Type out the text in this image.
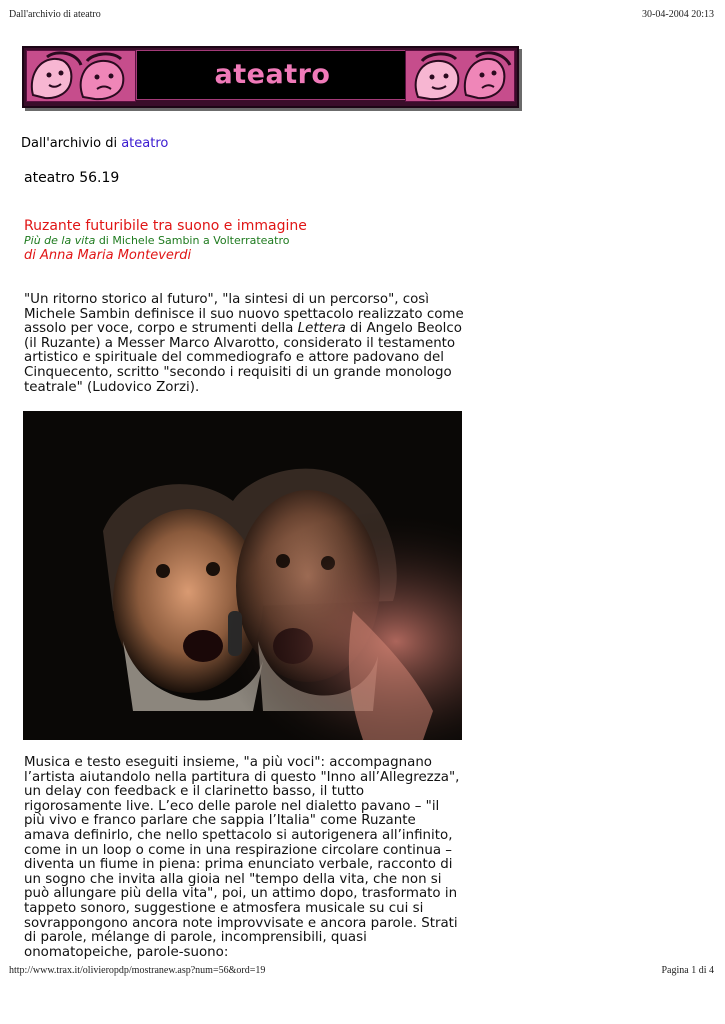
Dall'archivio di ateatro	30-04-2004 20:13
ateatro
Dall'archivio di ateatro
ateatro 56.19
Ruzante futuribile tra suono e immagine
Più de la vita di Michele Sambin a Volterrateatro
di Anna Maria Monteverdi
"Un ritorno storico al futuro", "la sintesi di un percorso", così Michele Sambin definisce il suo nuovo spettacolo realizzato come assolo per voce, corpo e strumenti della Lettera di Angelo Beolco (il Ruzante) a Messer Marco Alvarotto, considerato il testamento artistico e spirituale del commediografo e attore padovano del Cinquecento, scritto "secondo i requisiti di un grande monologo teatrale" (Ludovico Zorzi).
Musica e testo eseguiti insieme, "a più voci": accompagnano l’artista aiutandolo nella partitura di questo "Inno all’Allegrezza", un delay con feedback e il clarinetto basso, il tutto rigorosamente live. L’eco delle parole nel dialetto pavano – "il più vivo e franco parlare che sappia l’Italia" come Ruzante amava definirlo, che nello spettacolo si autorigenera all’infinito, come in un loop o come in una respirazione circolare continua – diventa un fiume in piena: prima enunciato verbale, racconto di un sogno che invita alla gioia nel "tempo della vita, che non si può allungare più della vita", poi, un attimo dopo, trasformato in tappeto sonoro, suggestione e atmosfera musicale su cui si sovrappongono ancora note improvvisate e ancora parole. Strati di parole, mélange di parole, incomprensibili, quasi onomatopeiche, parole-suono:
http://www.trax.it/olivieropdp/mostranew.asp?num=56&ord=19	Pagina 1 di 4
